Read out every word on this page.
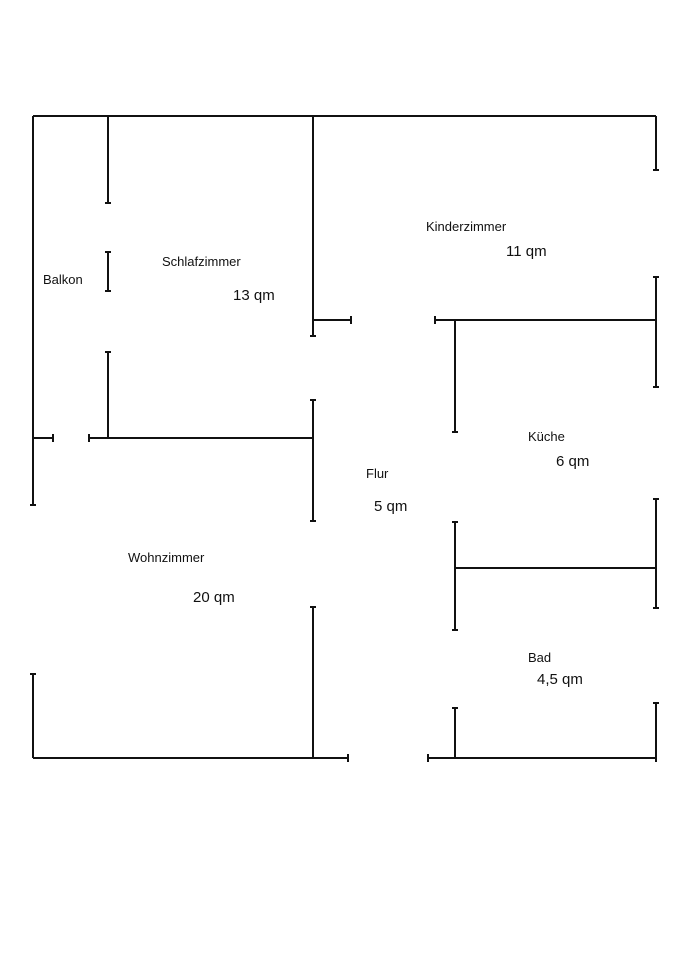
Balkon
Schlafzimmer
13 qm
Kinderzimmer
11 qm
Küche
6 qm
Flur
5 qm
Wohnzimmer
20 qm
Bad
4,5 qm
